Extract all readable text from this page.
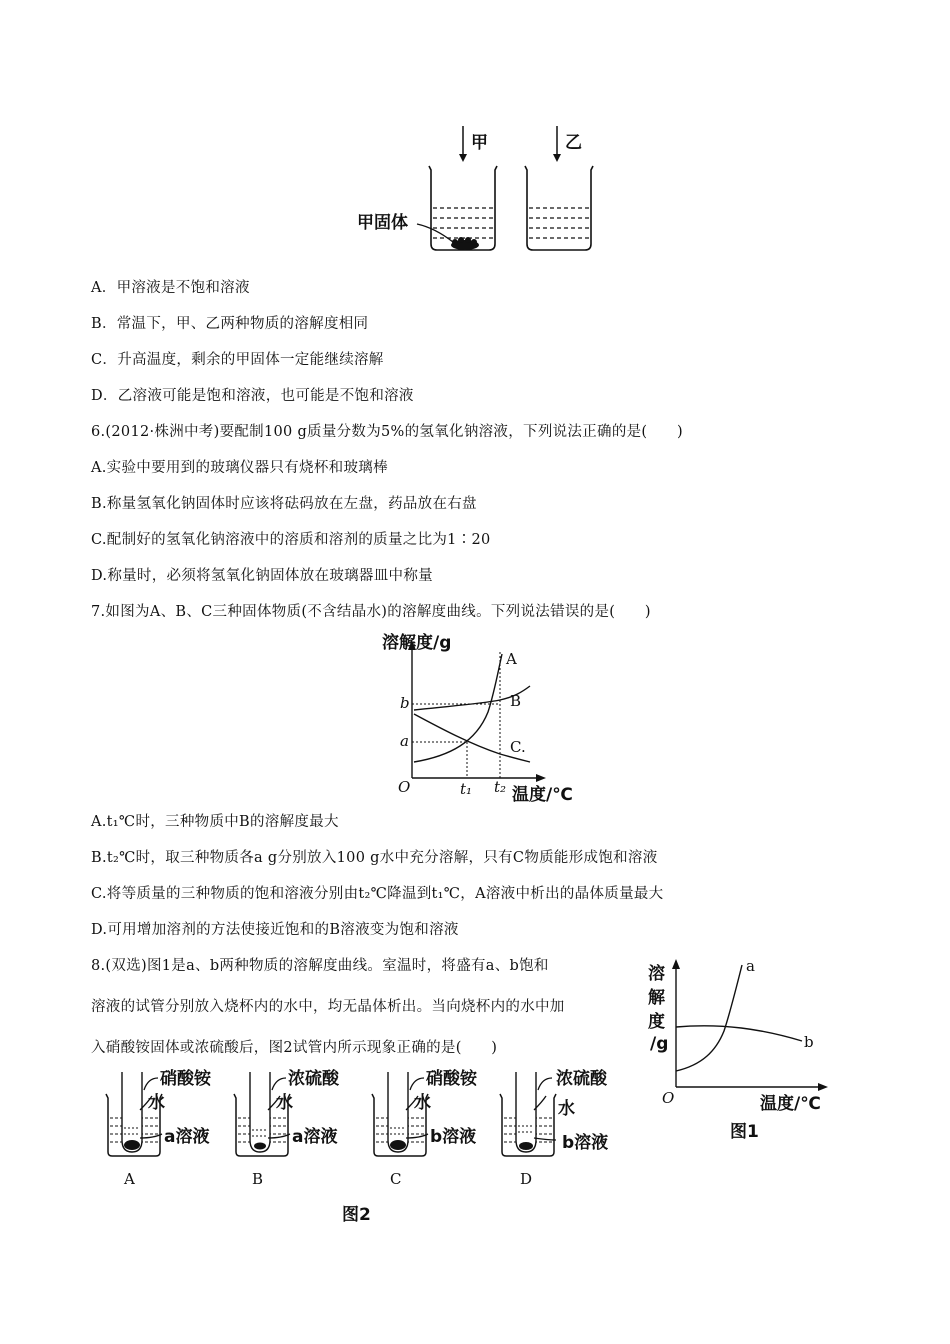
甲	乙
甲固体
A．甲溶液是不饱和溶液
B．常温下，甲、乙两种物质的溶解度相同
C．升高温度，剩余的甲固体一定能继续溶解
D．乙溶液可能是饱和溶液，也可能是不饱和溶液
6.(2012·株洲中考)要配制100 g质量分数为5%的氢氧化钠溶液，下列说法正确的是(　　)
A.实验中要用到的玻璃仪器只有烧杯和玻璃棒
B.称量氢氧化钠固体时应该将砝码放在左盘，药品放在右盘
C.配制好的氢氧化钠溶液中的溶质和溶剂的质量之比为1∶20
D.称量时，必须将氢氧化钠固体放在玻璃器皿中称量
7.如图为A、B、C三种固体物质(不含结晶水)的溶解度曲线。下列说法错误的是(　　)
溶解度/g
温度/℃
O	t₁ t₂
a
b
A
B
C.
A.t₁℃时，三种物质中B的溶解度最大
B.t₂℃时，取三种物质各a g分别放入100 g水中充分溶解，只有C物质能形成饱和溶液
C.将等质量的三种物质的饱和溶液分别由t₂℃降温到t₁℃，A溶液中析出的晶体质量最大
D.可用增加溶剂的方法使接近饱和的B溶液变为饱和溶液
8.(双选)图1是a、b两种物质的溶解度曲线。室温时，将盛有a、b饱和
溶液的试管分别放入烧杯内的水中，均无晶体析出。当向烧杯内的水中加
入硝酸铵固体或浓硫酸后，图2试管内所示现象正确的是(　　)
溶
解
度
/g
O	温度/℃
a
b
图1
硝酸铵
水
a溶液
A
浓硫酸
水
a溶液
B
硝酸铵
水
b溶液
C
浓硫酸
水
b溶液
D
图2
